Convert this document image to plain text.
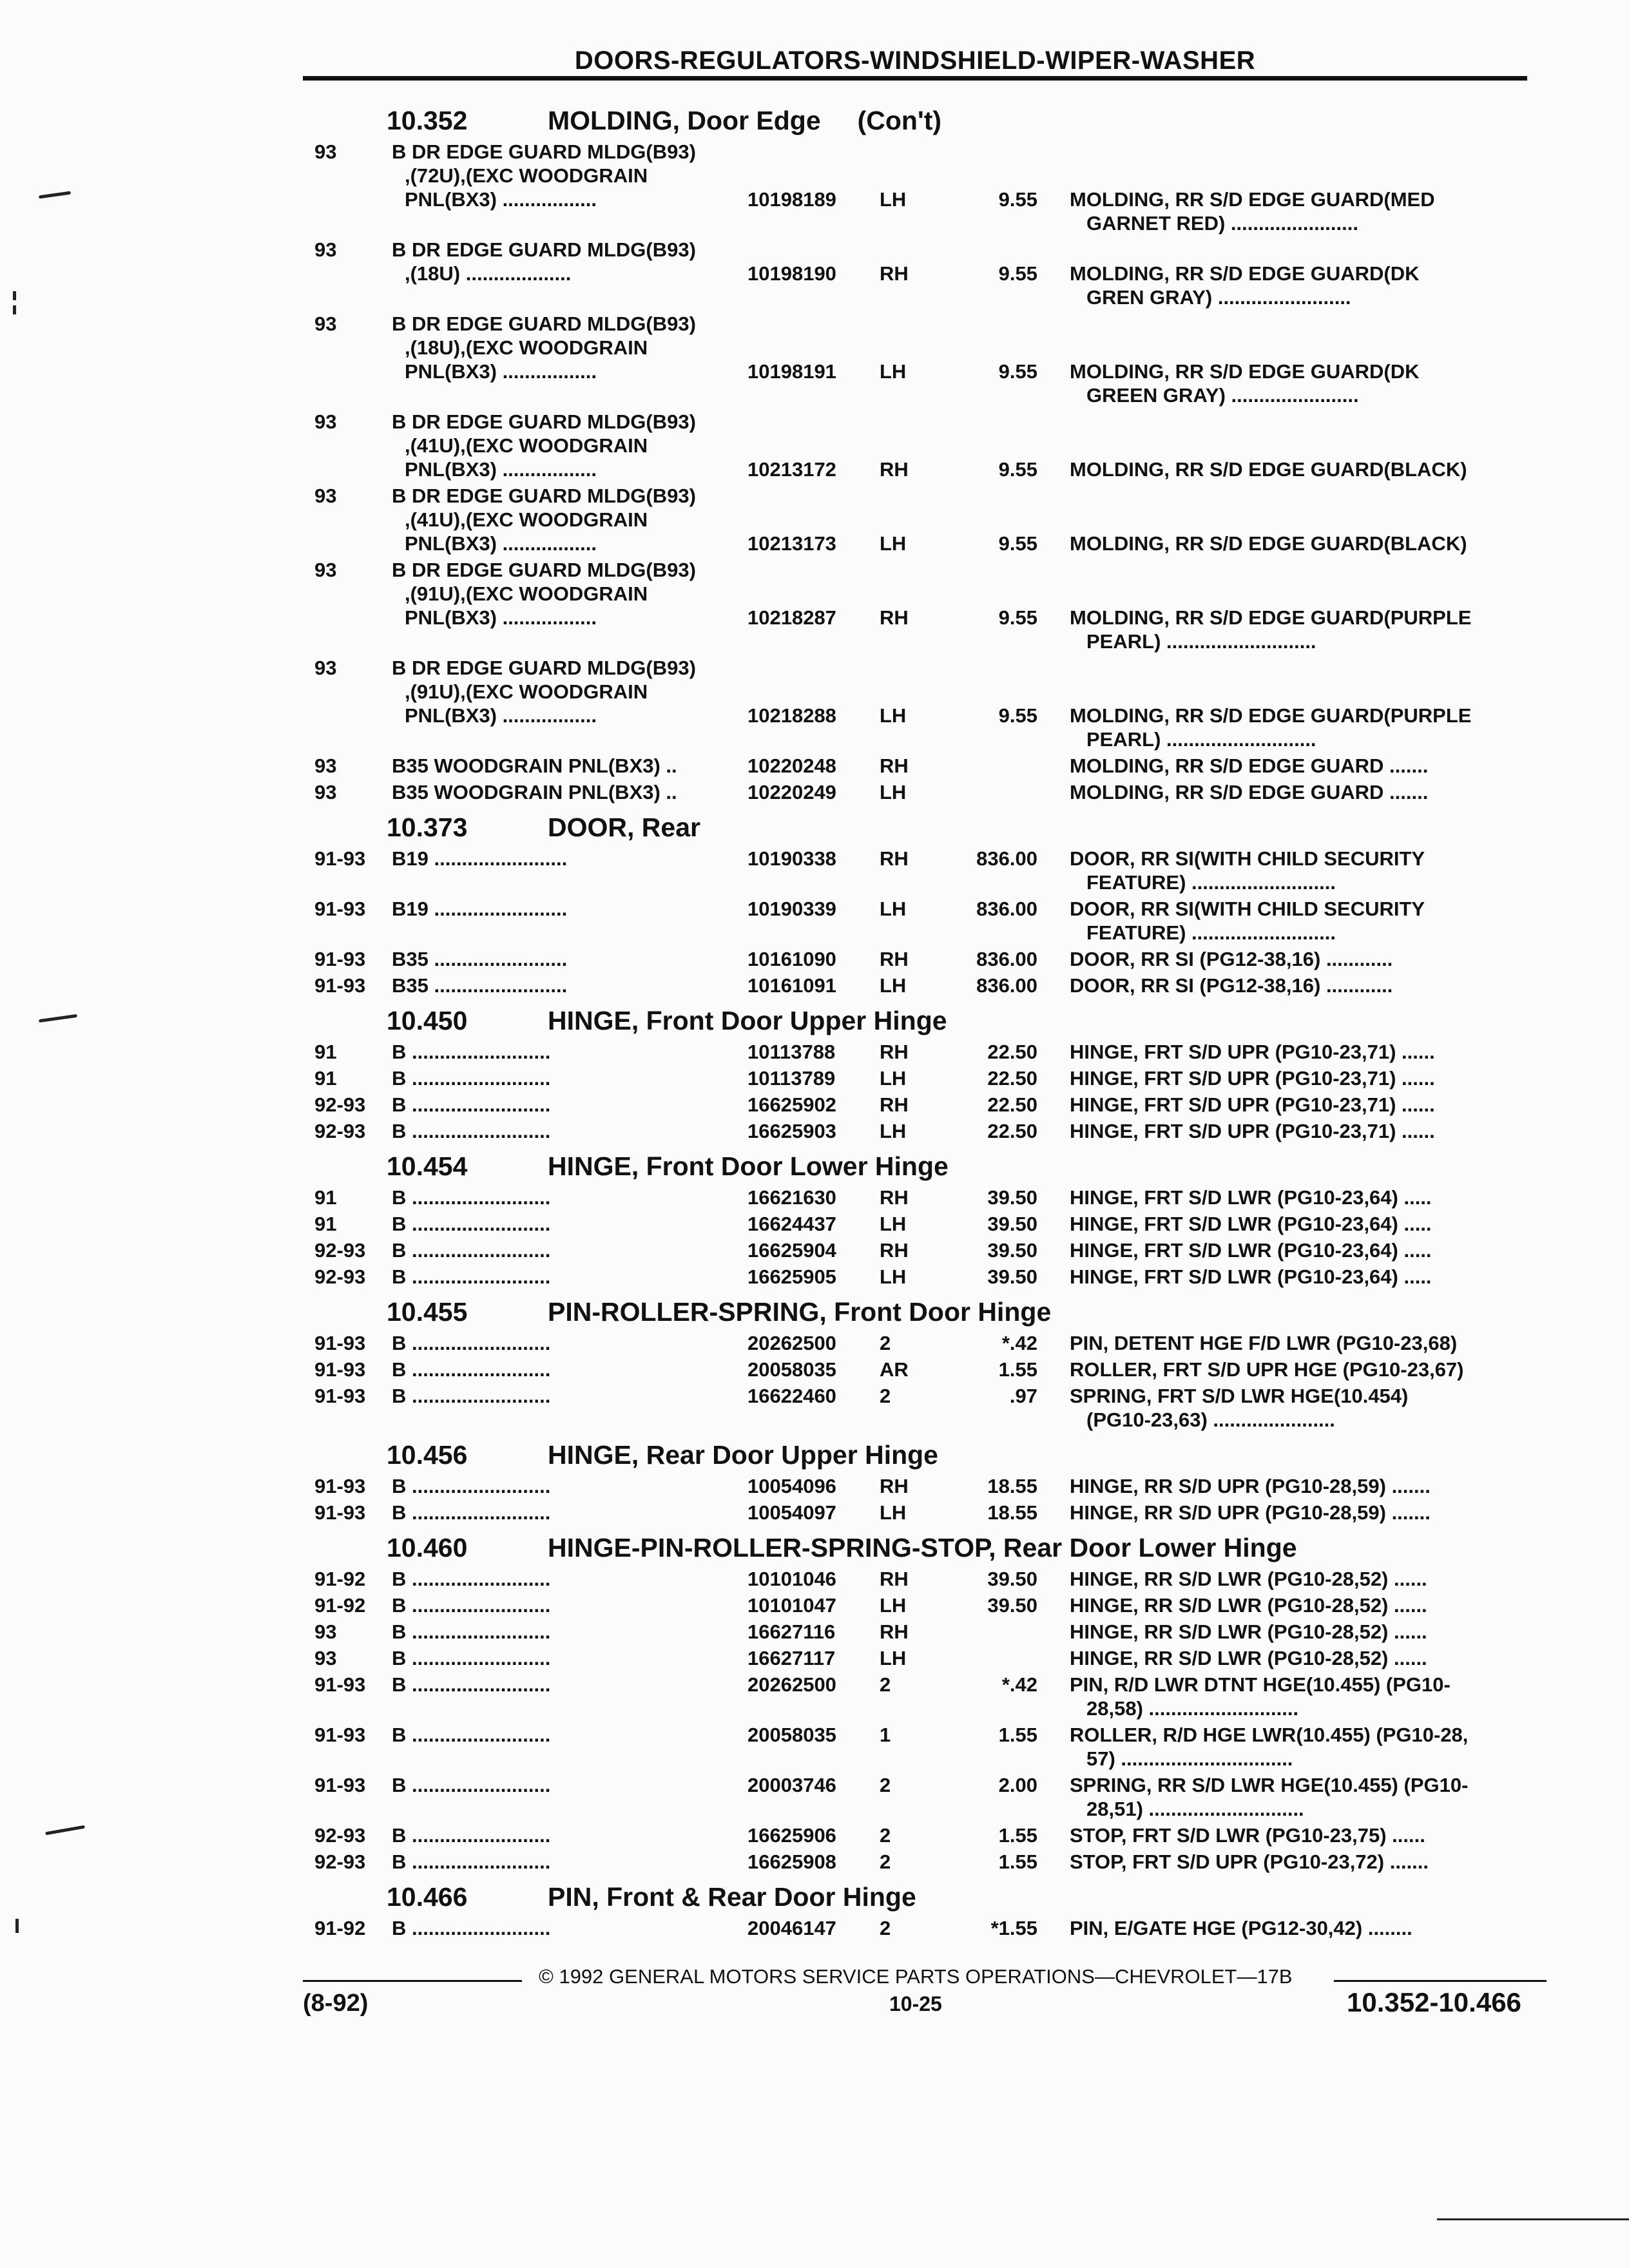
DOORS-REGULATORS-WINDSHIELD-WIPER-WASHER
10.352	MOLDING, Door Edge     (Con't)
93	B DR EDGE GUARD MLDG(B93)
,(72U),(EXC WOODGRAIN
PNL(BX3) .................	10198189	LH	9.55 MOLDING, RR S/D EDGE GUARD(MED
GARNET RED) .......................
93	B DR EDGE GUARD MLDG(B93)
,(18U) ...................	10198190	RH	9.55 MOLDING, RR S/D EDGE GUARD(DK
GREN GRAY) ........................
93	B DR EDGE GUARD MLDG(B93)
,(18U),(EXC WOODGRAIN
PNL(BX3) .................	10198191	LH	9.55 MOLDING, RR S/D EDGE GUARD(DK
GREEN GRAY) .......................
93	B DR EDGE GUARD MLDG(B93)
,(41U),(EXC WOODGRAIN
PNL(BX3) .................	10213172	RH	9.55 MOLDING, RR S/D EDGE GUARD(BLACK)
93	B DR EDGE GUARD MLDG(B93)
,(41U),(EXC WOODGRAIN
PNL(BX3) .................	10213173	LH	9.55 MOLDING, RR S/D EDGE GUARD(BLACK)
93	B DR EDGE GUARD MLDG(B93)
,(91U),(EXC WOODGRAIN
PNL(BX3) .................	10218287	RH	9.55 MOLDING, RR S/D EDGE GUARD(PURPLE
PEARL) ...........................
93	B DR EDGE GUARD MLDG(B93)
,(91U),(EXC WOODGRAIN
PNL(BX3) .................	10218288	LH	9.55 MOLDING, RR S/D EDGE GUARD(PURPLE
PEARL) ...........................
93	B35 WOODGRAIN PNL(BX3) ..	10220248	RH	MOLDING, RR S/D EDGE GUARD .......
93	B35 WOODGRAIN PNL(BX3) ..	10220249	LH	MOLDING, RR S/D EDGE GUARD .......
10.373	DOOR, Rear
91-93 B19 ........................	10190338	RH	836.00 DOOR, RR SI(WITH CHILD SECURITY
FEATURE) ..........................
91-93 B19 ........................	10190339	LH	836.00 DOOR, RR SI(WITH CHILD SECURITY
FEATURE) ..........................
91-93 B35 ........................	10161090	RH	836.00 DOOR, RR SI (PG12-38,16) ............
91-93 B35 ........................	10161091	LH	836.00 DOOR, RR SI (PG12-38,16) ............
10.450	HINGE, Front Door Upper Hinge
91	B .........................	10113788	RH	22.50 HINGE, FRT S/D UPR (PG10-23,71) ......
91	B .........................	10113789	LH	22.50 HINGE, FRT S/D UPR (PG10-23,71) ......
92-93 B .........................	16625902	RH	22.50 HINGE, FRT S/D UPR (PG10-23,71) ......
92-93 B .........................	16625903	LH	22.50 HINGE, FRT S/D UPR (PG10-23,71) ......
10.454	HINGE, Front Door Lower Hinge
91	B .........................	16621630	RH	39.50 HINGE, FRT S/D LWR (PG10-23,64) .....
91	B .........................	16624437	LH	39.50 HINGE, FRT S/D LWR (PG10-23,64) .....
92-93 B .........................	16625904	RH	39.50 HINGE, FRT S/D LWR (PG10-23,64) .....
92-93 B .........................	16625905	LH	39.50 HINGE, FRT S/D LWR (PG10-23,64) .....
10.455	PIN-ROLLER-SPRING, Front Door Hinge
91-93 B .........................	20262500	2	*.42 PIN, DETENT HGE F/D LWR (PG10-23,68)
91-93 B .........................	20058035	AR	1.55 ROLLER, FRT S/D UPR HGE (PG10-23,67)
91-93 B .........................	16622460	2	.97 SPRING, FRT S/D LWR HGE(10.454)
(PG10-23,63) ......................
10.456	HINGE, Rear Door Upper Hinge
91-93 B .........................	10054096	RH	18.55 HINGE, RR S/D UPR (PG10-28,59) .......
91-93 B .........................	10054097	LH	18.55 HINGE, RR S/D UPR (PG10-28,59) .......
10.460	HINGE-PIN-ROLLER-SPRING-STOP, Rear Door Lower Hinge
91-92 B .........................	10101046	RH	39.50 HINGE, RR S/D LWR (PG10-28,52) ......
91-92 B .........................	10101047	LH	39.50 HINGE, RR S/D LWR (PG10-28,52) ......
93	B .........................	16627116	RH	HINGE, RR S/D LWR (PG10-28,52) ......
93	B .........................	16627117	LH	HINGE, RR S/D LWR (PG10-28,52) ......
91-93 B .........................	20262500	2	*.42 PIN, R/D LWR DTNT HGE(10.455) (PG10-
28,58) ...........................
91-93 B .........................	20058035	1	1.55 ROLLER, R/D HGE LWR(10.455) (PG10-28,
57) ...............................
91-93 B .........................	20003746	2	2.00 SPRING, RR S/D LWR HGE(10.455) (PG10-
28,51) ............................
92-93 B .........................	16625906	2	1.55 STOP, FRT S/D LWR (PG10-23,75) ......
92-93 B .........................	16625908	2	1.55 STOP, FRT S/D UPR (PG10-23,72) .......
10.466	PIN, Front & Rear Door Hinge
91-92 B .........................	20046147	2	*1.55 PIN, E/GATE HGE (PG12-30,42) ........
© 1992 GENERAL MOTORS SERVICE PARTS OPERATIONS—CHEVROLET—17B
(8-92)	10-25	10.352-10.466
